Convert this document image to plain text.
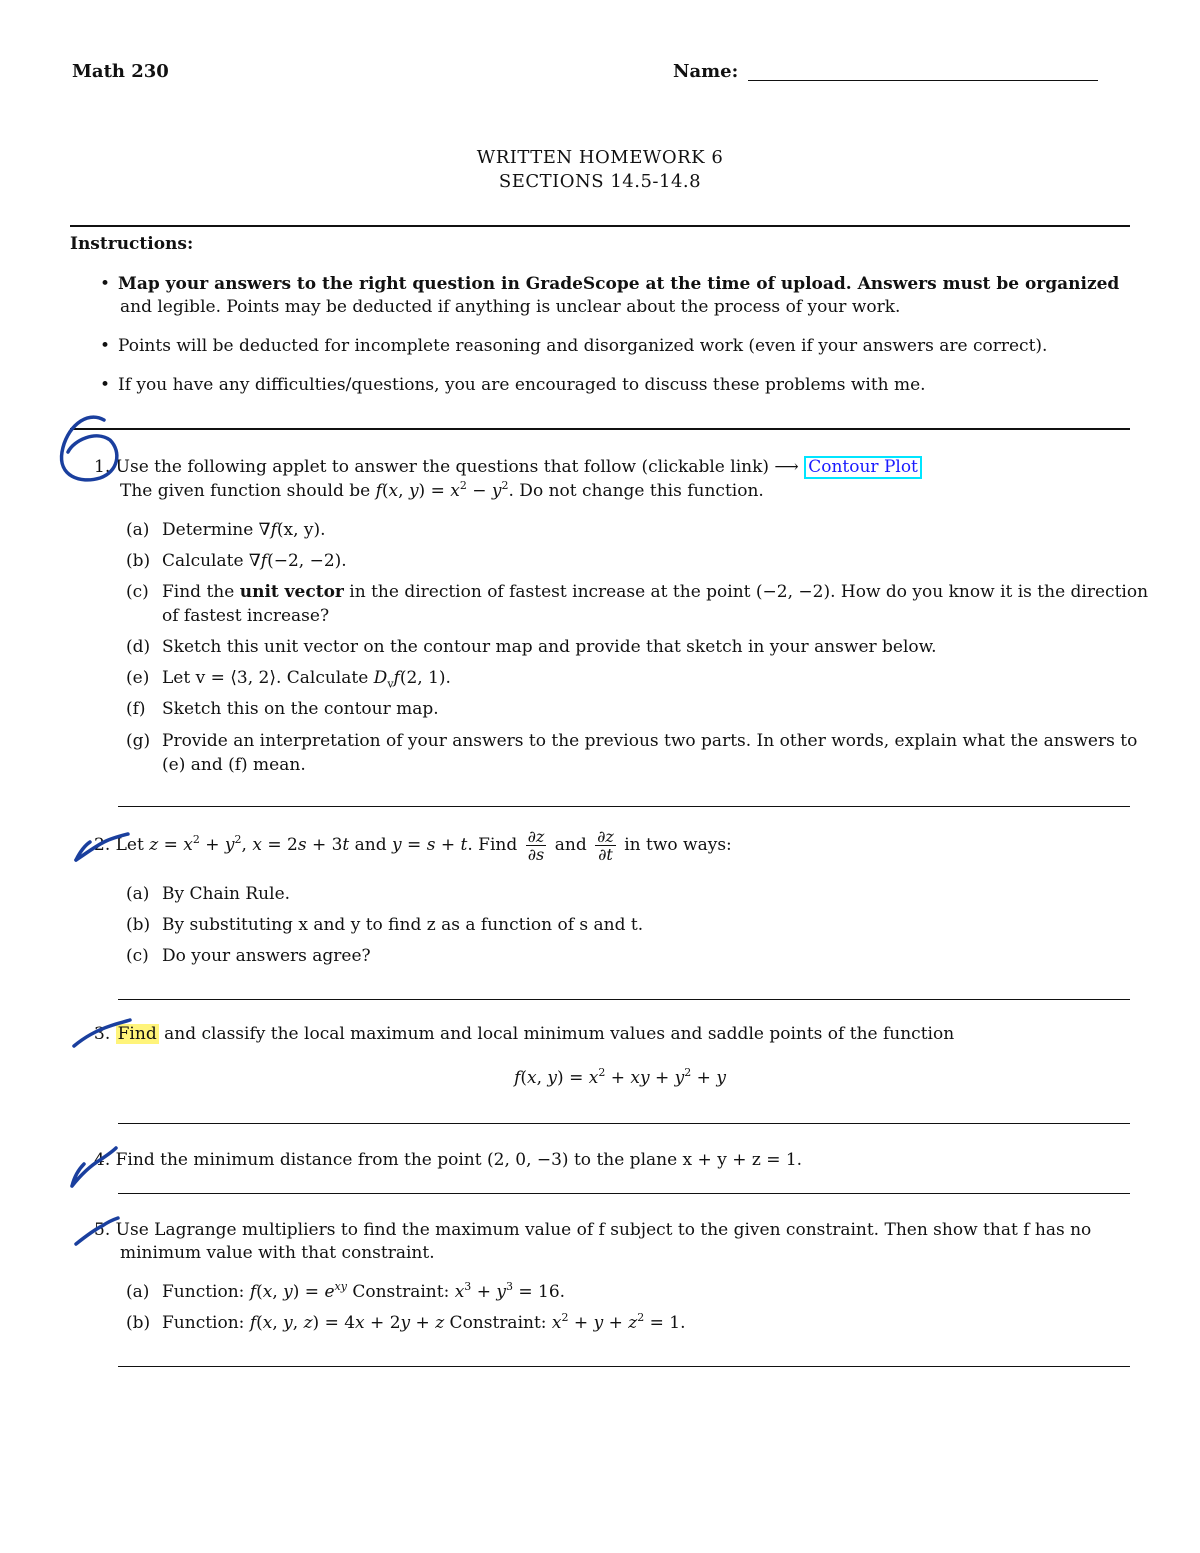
Math 230	Name:
WRITTEN HOMEWORK 6
SECTIONS 14.5-14.8
Instructions:
• Map your answers to the right question in GradeScope at the time of upload. Answers must be organized
and legible. Points may be deducted if anything is unclear about the process of your work.
• Points will be deducted for incomplete reasoning and disorganized work (even if your answers are correct).
• If you have any difficulties/questions, you are encouraged to discuss these problems with me.
1. Use the following applet to answer the questions that follow (clickable link) ⟶ Contour Plot
The given function should be f(x, $y) = x^2 - y^2$. Do not change this function.
(a) Determine ∇f(x, y).
(b) Calculate ∇f(−2, −2).
(c) Find the unit vector in the direction of fastest increase at the point (−2, −2). How do you know it is the direction
of fastest increase?
(d) Sketch this unit vector on the contour map and provide that sketch in your answer below.
(e) Let v = ⟨3, 2⟩. Calculate $D_vf(2$, 1).
(f) Sketch this on the contour map.
(g) Provide an interpretation of your answers to the previous two parts. In other words, explain what the answers to
(e) and (f) mean.
2. Let $z = x^2 + y^2$, x = 2s + 3t and y = s + t. Find $\frac{\partial z}{\partial s}$ and $\frac{\partial z}{\partial t}$ in two ways:
(a) By Chain Rule.
(b) By substituting x and y to find z as a function of s and t.
(c) Do your answers agree?
3. Find and classify the local maximum and local minimum values and saddle points of the function
f(x, $y) = x^2$ + xy + $y^2 + y$
4. Find the minimum distance from the point (2, 0, −3) to the plane x + y + z = 1.
5. Use Lagrange multipliers to find the maximum value of f subject to the given constraint. Then show that f has no
minimum value with that constraint.
(a) Function: f(x, $y) = e^{xy}$ Constraint: $x^3 + y^3 = 16$.
(b) Function: f(x, y, z) = 4x + 2y + z Constraint: $x^2 + y + z^2 = 1$.
